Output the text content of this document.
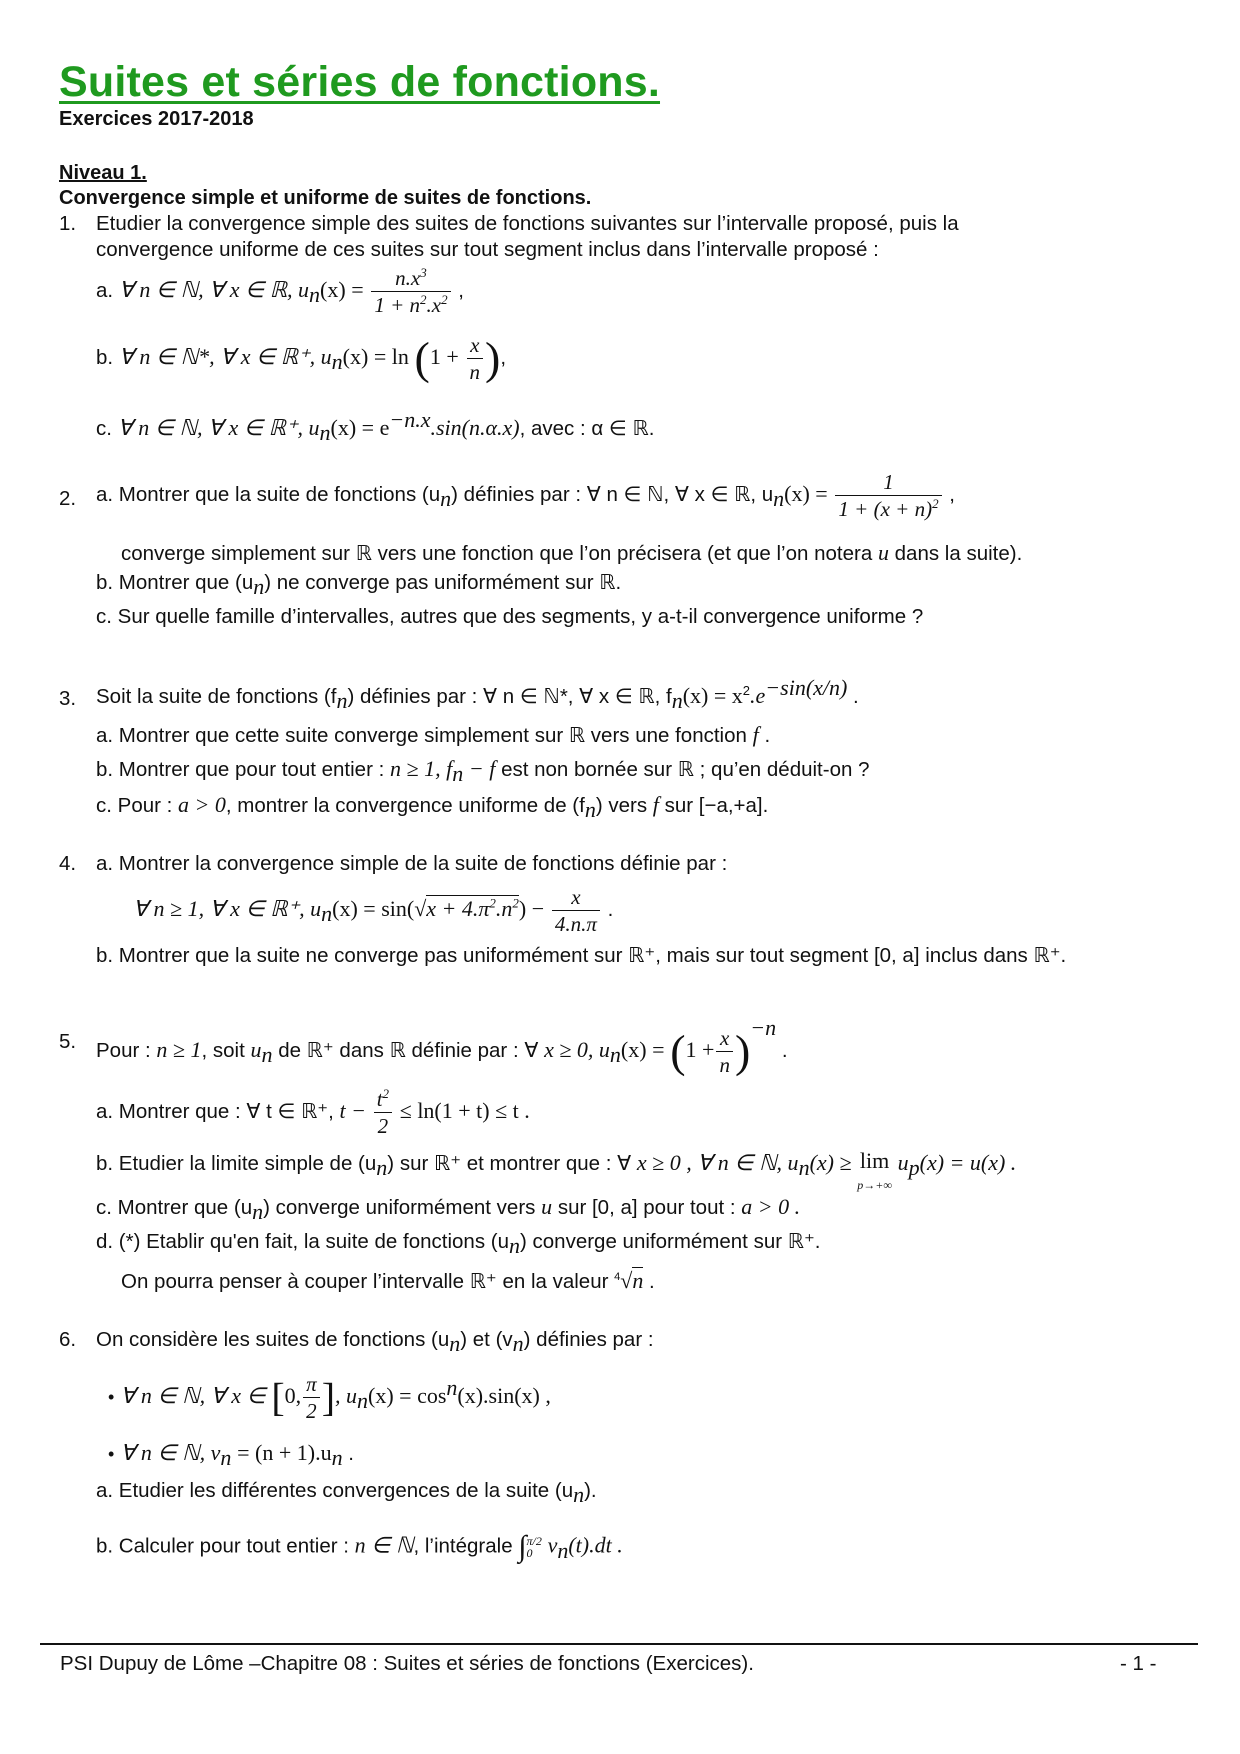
Suites et séries de fonctions.
Exercices 2017-2018
Niveau 1.
Convergence simple et uniforme de suites de fonctions.
1. Etudier la convergence simple des suites de fonctions suivantes sur l’intervalle proposé, puis la
convergence uniforme de ces suites sur tout segment inclus dans l’intervalle proposé :
a. ∀ n ∈ ℕ, ∀ x ∈ ℝ, $u_n(x) = \frac{n.x^3}{1 + n^2.x^2}$ ,
b. ∀ n ∈ ℕ*, ∀ x ∈ ℝ⁺, $u_n(x) = \ln (1 + \frac{x}{n}$ ),
c. ∀ n ∈ ℕ, ∀ x ∈ ℝ⁺, $u_n(x) = e^{-n.x}.\sin(n.\alpha.x)$, avec : α ∈ ℝ.
2. a. Montrer que la suite de fonctions $(u_n)$ définies par : ∀ n ∈ ℕ, ∀ x ∈ ℝ, $u_n(x) = \frac{1}{1 + (x + n)^2}$ ,
converge simplement sur ℝ vers une fonction que l’on précisera (et que l’on notera u dans la suite).
b. Montrer que $(u_n)$ ne converge pas uniformément sur ℝ.
c. Sur quelle famille d’intervalles, autres que des segments, y a-t-il convergence uniforme ?
3. Soit la suite de fonctions $(f_n)$ définies par : ∀ n ∈ ℕ*, ∀ x ∈ ℝ, $f_n(x) = x^2.e^{-sin(x/n)}$ .
a. Montrer que cette suite converge simplement sur ℝ vers une fonction f .
b. Montrer que pour tout entier : n ≥ 1, $f_n - f$ est non bornée sur ℝ ; qu’en déduit-on ?
c. Pour : a > 0, montrer la convergence uniforme de $(f_n)$ vers f sur [−a,+a].
4. a. Montrer la convergence simple de la suite de fonctions définie par :
∀ n ≥ 1, ∀ x ∈ ℝ⁺, $u_n(x) = \sin(√x + 4.\pi^2.n^2) - \frac{x}{4.n.\pi}$ .
b. Montrer que la suite ne converge pas uniformément sur ℝ⁺, mais sur tout segment [0, a] inclus dans ℝ⁺.
5. Pour : n ≥ 1, soit $u_n$ de ℝ⁺ dans ℝ définie par : ∀ x ≥ 0, $u_n(x) = (1 + \frac{x}{n} )^{-n}$ .
a. Montrer que : ∀ t ∈ ℝ⁺, $t - \frac{t^2}{2} \le \ln(1 + t) \le t$ .
b. Etudier la limite simple de $(u_n)$ sur ℝ⁺ et montrer que : ∀ x ≥ 0 , ∀ n ∈ ℕ, $u_n(x) \ge \lim$
p→+∞ $u_p(x) = u(x)$ .
c. Montrer que $(u_n)$ converge uniformément vers u sur [0, a] pour tout : a > 0 .
d. (*) Etablir qu'en fait, la suite de fonctions $(u_n)$ converge uniformément sur ℝ⁺.
On pourra penser à couper l’intervalle ℝ⁺ en la valeur $^4$√n .
6. On considère les suites de fonctions $(u_n)$ et $(v_n)$ définies par :
• ∀ n ∈ ℕ, ∀ x ∈ [0, $\frac{\pi}{2}$ ], $u_n(x) = \cos^n(x).\sin(x)$ ,
• ∀ n ∈ ℕ, $v_n = (n + 1).u_n$ .
a. Etudier les différentes convergences de la suite $(u_n)$.
b. Calculer pour tout entier : n ∈ ℕ, l’intégrale ∫π/2
0 $v_n(t).dt$ .
PSI Dupuy de Lôme –Chapitre 08 : Suites et séries de fonctions (Exercices).	- 1 -
